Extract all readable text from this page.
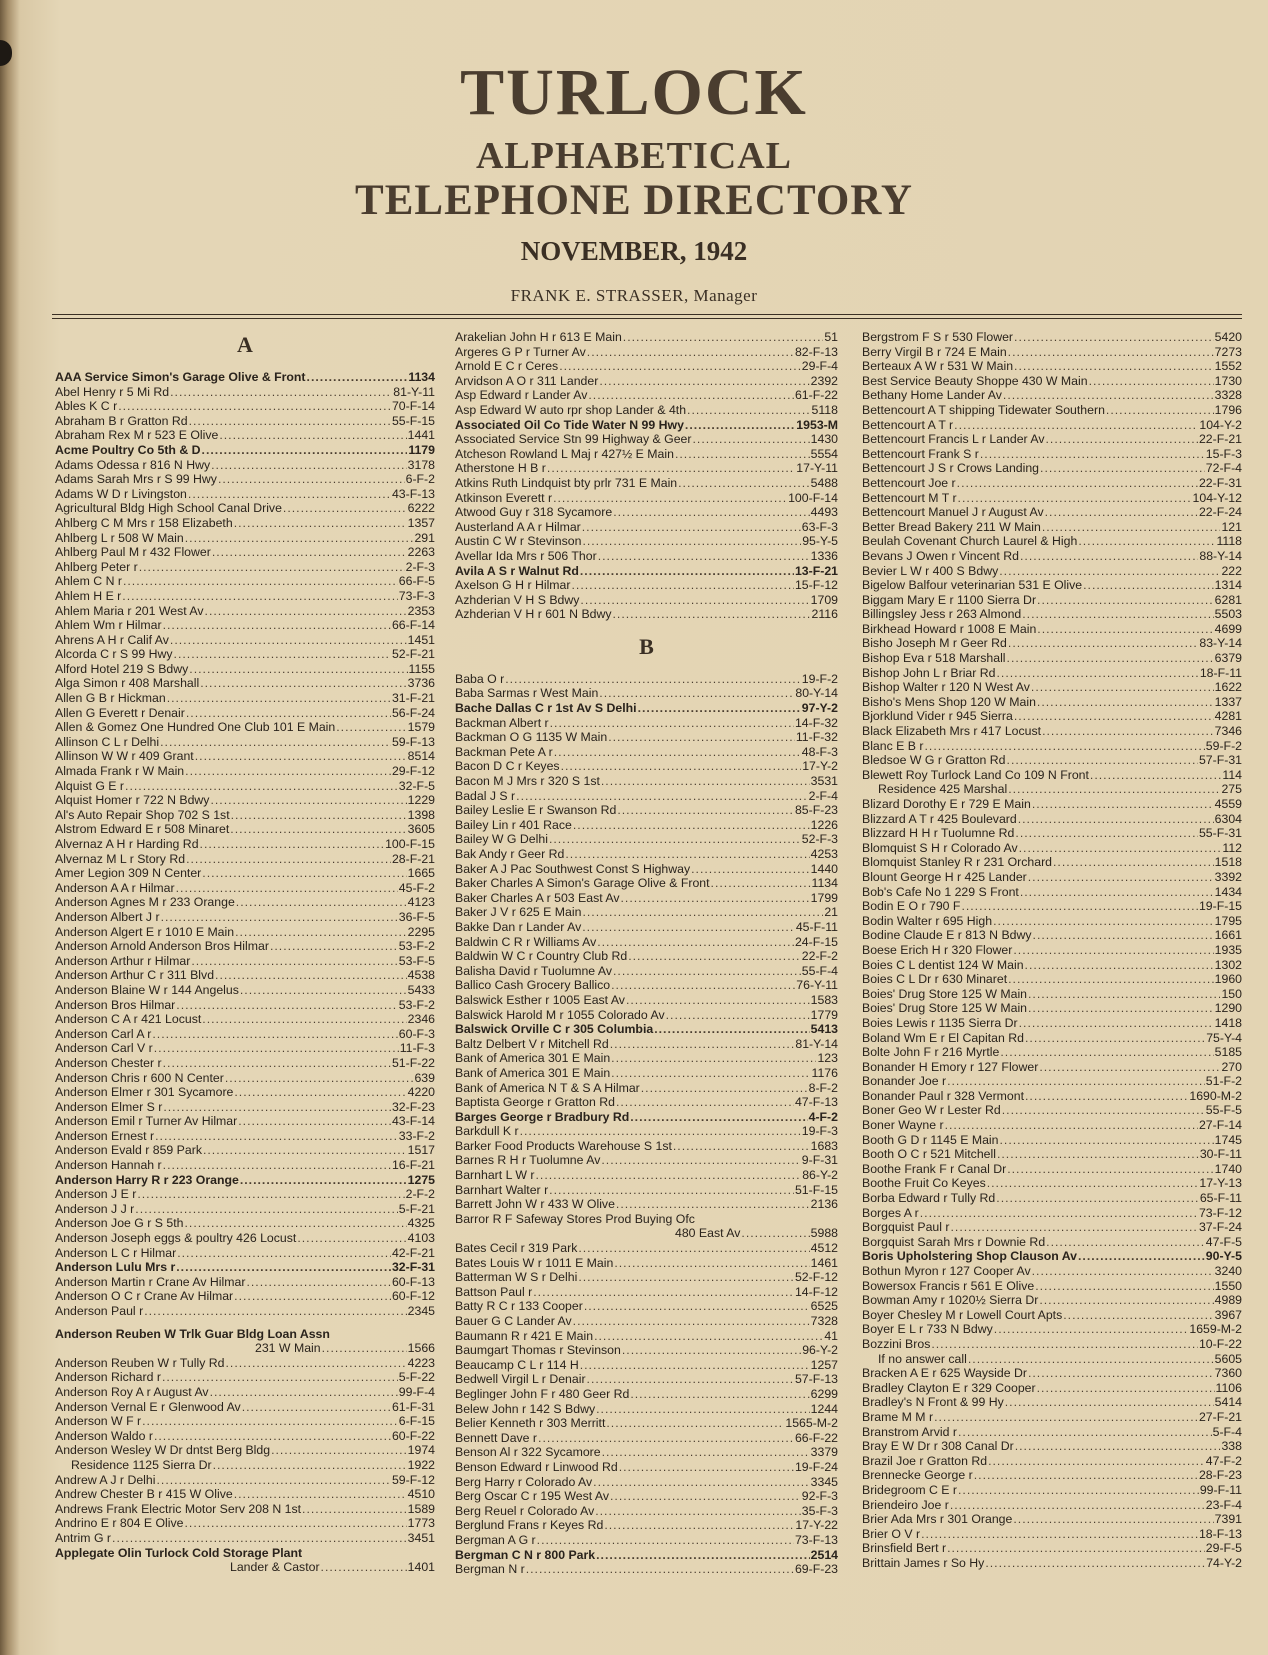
TURLOCK
ALPHABETICAL
TELEPHONE DIRECTORY
NOVEMBER, 1942
FRANK E. STRASSER, Manager
A
AAA Service Simon's Garage Olive & Front .....	1134
Abel Henry r 5 Mi Rd .....	81-Y-11
Ables K C r .....	70-F-14
Abraham B r Gratton Rd .....	55-F-15
Abraham Rex M r 523 E Olive .....	1441
Acme Poultry Co 5th & D .....	1179
Adams Odessa r 816 N Hwy .....	3178
Adams Sarah Mrs r S 99 Hwy .....	6-F-2
Adams W D r Livingston .....	43-F-13
Agricultural Bldg High School Canal Drive .....	6222
Ahlberg C M Mrs r 158 Elizabeth .....	1357
Ahlberg L r 508 W Main .....	291
Ahlberg Paul M r 432 Flower .....	2263
Ahlberg Peter r .....	2-F-3
Ahlem C N r .....	66-F-5
Ahlem H E r .....	73-F-3
Ahlem Maria r 201 West Av .....	2353
Ahlem Wm r Hilmar .....	66-F-14
Ahrens A H r Calif Av .....	1451
Alcorda C r S 99 Hwy .....	52-F-21
Alford Hotel 219 S Bdwy .....	1155
Alga Simon r 408 Marshall .....	3736
Allen G B r Hickman .....	31-F-21
Allen G Everett r Denair .....	56-F-24
Allen & Gomez One Hundred One Club 101 E Main .....	1579
Allinson C L r Delhi .....	59-F-13
Allinson W W r 409 Grant .....	8514
Almada Frank r W Main .....	29-F-12
Alquist G E r .....	32-F-5
Alquist Homer r 722 N Bdwy .....	1229
Al's Auto Repair Shop 702 S 1st .....	1398
Alstrom Edward E r 508 Minaret .....	3605
Alvernaz A H r Harding Rd .....	100-F-15
Alvernaz M L r Story Rd .....	28-F-21
Amer Legion 309 N Center .....	1665
Anderson A A r Hilmar .....	45-F-2
Anderson Agnes M r 233 Orange .....	4123
Anderson Albert J r .....	36-F-5
Anderson Algert E r 1010 E Main .....	2295
Anderson Arnold Anderson Bros Hilmar .....	53-F-2
Anderson Arthur r Hilmar .....	53-F-5
Anderson Arthur C r 311 Blvd .....	4538
Anderson Blaine W r 144 Angelus .....	5433
Anderson Bros Hilmar .....	53-F-2
Anderson C A r 421 Locust .....	2346
Anderson Carl A r .....	60-F-3
Anderson Carl V r .....	11-F-3
Anderson Chester r .....	51-F-22
Anderson Chris r 600 N Center .....	639
Anderson Elmer r 301 Sycamore .....	4220
Anderson Elmer S r .....	32-F-23
Anderson Emil r Turner Av Hilmar .....	43-F-14
Anderson Ernest r .....	33-F-2
Anderson Evald r 859 Park .....	1517
Anderson Hannah r .....	16-F-21
Anderson Harry R r 223 Orange .....	1275
Anderson J E r .....	2-F-2
Anderson J J r .....	5-F-21
Anderson Joe G r S 5th .....	4325
Anderson Joseph eggs & poultry 426 Locust .....	4103
Anderson L C r Hilmar .....	42-F-21
Anderson Lulu Mrs r .....	32-F-31
Anderson Martin r Crane Av Hilmar .....	60-F-13
Anderson O C r Crane Av Hilmar .....	60-F-12
Anderson Paul r .....	2345
Anderson Reuben W Trlk Guar Bldg Loan Assn
231 W Main .....	1566
Anderson Reuben W r Tully Rd .....	4223
Anderson Richard r .....	5-F-22
Anderson Roy A r August Av .....	99-F-4
Anderson Vernal E r Glenwood Av .....	61-F-31
Anderson W F r .....	6-F-15
Anderson Waldo r .....	60-F-22
Anderson Wesley W Dr dntst Berg Bldg .....	1974
Residence 1125 Sierra Dr .....	1922
Andrew A J r Delhi .....	59-F-12
Andrew Chester B r 415 W Olive .....	4510
Andrews Frank Electric Motor Serv 208 N 1st .....	1589
Andrino E r 804 E Olive .....	1773
Antrim G r .....	3451
Applegate Olin Turlock Cold Storage Plant
Lander & Castor .....	1401
Arakelian John H r 613 E Main .....	51
Argeres G P r Turner Av .....	82-F-13
Arnold E C r Ceres .....	29-F-4
Arvidson A O r 311 Lander .....	2392
Asp Edward r Lander Av .....	61-F-22
Asp Edward W auto rpr shop Lander & 4th .....	5118
Associated Oil Co Tide Water N 99 Hwy .....	1953-M
Associated Service Stn 99 Highway & Geer .....	1430
Atcheson Rowland L Maj r 427½ E Main .....	5554
Atherstone H B r .....	17-Y-11
Atkins Ruth Lindquist bty prlr 731 E Main .....	5488
Atkinson Everett r .....	100-F-14
Atwood Guy r 318 Sycamore .....	4493
Austerland A A r Hilmar .....	63-F-3
Austin C W r Stevinson .....	95-Y-5
Avellar Ida Mrs r 506 Thor .....	1336
Avila A S r Walnut Rd .....	13-F-21
Axelson G H r Hilmar .....	15-F-12
Azhderian V H S Bdwy .....	1709
Azhderian V H r 601 N Bdwy .....	2116
B
Baba O r .....	19-F-2
Baba Sarmas r West Main .....	80-Y-14
Bache Dallas C r 1st Av S Delhi .....	97-Y-2
Backman Albert r .....	14-F-32
Backman O G 1135 W Main .....	11-F-32
Backman Pete A r .....	48-F-3
Bacon D C r Keyes .....	17-Y-2
Bacon M J Mrs r 320 S 1st .....	3531
Badal J S r .....	2-F-4
Bailey Leslie E r Swanson Rd .....	85-F-23
Bailey Lin r 401 Race .....	1226
Bailey W G Delhi .....	52-F-3
Bak Andy r Geer Rd .....	4253
Baker A J Pac Southwest Const S Highway .....	1440
Baker Charles A Simon's Garage Olive & Front .....	1134
Baker Charles A r 503 East Av .....	1799
Baker J V r 625 E Main .....	21
Bakke Dan r Lander Av .....	45-F-11
Baldwin C R r Williams Av .....	24-F-15
Baldwin W C r Country Club Rd .....	22-F-2
Balisha David r Tuolumne Av .....	55-F-4
Ballico Cash Grocery Ballico .....	76-Y-11
Balswick Esther r 1005 East Av .....	1583
Balswick Harold M r 1055 Colorado Av .....	1779
Balswick Orville C r 305 Columbia .....	5413
Baltz Delbert V r Mitchell Rd .....	81-Y-14
Bank of America 301 E Main .....	123
Bank of America 301 E Main .....	1176
Bank of America N T & S A Hilmar .....	8-F-2
Baptista George r Gratton Rd .....	47-F-13
Barges George r Bradbury Rd .....	4-F-2
Barkdull K r .....	19-F-3
Barker Food Products Warehouse S 1st .....	1683
Barnes R H r Tuolumne Av .....	9-F-31
Barnhart L W r .....	86-Y-2
Barnhart Walter r .....	51-F-15
Barrett John W r 433 W Olive .....	2136
Barror R F Safeway Stores Prod Buying Ofc
480 East Av .....	5988
Bates Cecil r 319 Park .....	4512
Bates Louis W r 1011 E Main .....	1461
Batterman W S r Delhi .....	52-F-12
Battson Paul r .....	14-F-12
Batty R C r 133 Cooper .....	6525
Bauer G C Lander Av .....	7328
Baumann R r 421 E Main .....	41
Baumgart Thomas r Stevinson .....	96-Y-2
Beaucamp C L r 114 H .....	1257
Bedwell Virgil L r Denair .....	57-F-13
Beglinger John F r 480 Geer Rd .....	6299
Belew John r 142 S Bdwy .....	1244
Belier Kenneth r 303 Merritt .....	1565-M-2
Bennett Dave r .....	66-F-22
Benson Al r 322 Sycamore .....	3379
Benson Edward r Linwood Rd .....	19-F-24
Berg Harry r Colorado Av .....	3345
Berg Oscar C r 195 West Av .....	92-F-3
Berg Reuel r Colorado Av .....	35-F-3
Berglund Frans r Keyes Rd .....	17-Y-22
Bergman A G r .....	73-F-13
Bergman C N r 800 Park .....	2514
Bergman N r .....	69-F-23
Bergstrom F S r 530 Flower .....	5420
Berry Virgil B r 724 E Main .....	7273
Berteaux A W r 531 W Main .....	1552
Best Service Beauty Shoppe 430 W Main .....	1730
Bethany Home Lander Av .....	3328
Bettencourt A T shipping Tidewater Southern .....	1796
Bettencourt A T r .....	104-Y-2
Bettencourt Francis L r Lander Av .....	22-F-21
Bettencourt Frank S r .....	15-F-3
Bettencourt J S r Crows Landing .....	72-F-4
Bettencourt Joe r .....	22-F-31
Bettencourt M T r .....	104-Y-12
Bettencourt Manuel J r August Av .....	22-F-24
Better Bread Bakery 211 W Main .....	121
Beulah Covenant Church Laurel & High .....	1118
Bevans J Owen r Vincent Rd .....	88-Y-14
Bevier L W r 400 S Bdwy .....	222
Bigelow Balfour veterinarian 531 E Olive .....	1314
Biggam Mary E r 1100 Sierra Dr .....	6281
Billingsley Jess r 263 Almond .....	5503
Birkhead Howard r 1008 E Main .....	4699
Bisho Joseph M r Geer Rd .....	83-Y-14
Bishop Eva r 518 Marshall .....	6379
Bishop John L r Briar Rd .....	18-F-11
Bishop Walter r 120 N West Av .....	1622
Bisho's Mens Shop 120 W Main .....	1337
Bjorklund Vider r 945 Sierra .....	4281
Black Elizabeth Mrs r 417 Locust .....	7346
Blanc E B r .....	59-F-2
Bledsoe W G r Gratton Rd .....	57-F-31
Blewett Roy Turlock Land Co 109 N Front .....	114
Residence 425 Marshal .....	275
Blizard Dorothy E r 729 E Main .....	4559
Blizzard A T r 425 Boulevard .....	6304
Blizzard H H r Tuolumne Rd .....	55-F-31
Blomquist S H r Colorado Av .....	112
Blomquist Stanley R r 231 Orchard .....	1518
Blount George H r 425 Lander .....	3392
Bob's Cafe No 1 229 S Front .....	1434
Bodin E O r 790 F .....	19-F-15
Bodin Walter r 695 High .....	1795
Bodine Claude E r 813 N Bdwy .....	1661
Boese Erich H r 320 Flower .....	1935
Boies C L dentist 124 W Main .....	1302
Boies C L Dr r 630 Minaret .....	1960
Boies' Drug Store 125 W Main .....	150
Boies' Drug Store 125 W Main .....	1290
Boies Lewis r 1135 Sierra Dr .....	1418
Boland Wm E r El Capitan Rd .....	75-Y-4
Bolte John F r 216 Myrtle .....	5185
Bonander H Emory r 127 Flower .....	270
Bonander Joe r .....	51-F-2
Bonander Paul r 328 Vermont .....	1690-M-2
Boner Geo W r Lester Rd .....	55-F-5
Boner Wayne r .....	27-F-14
Booth G D r 1145 E Main .....	1745
Booth O C r 521 Mitchell .....	30-F-11
Boothe Frank F r Canal Dr .....	1740
Boothe Fruit Co Keyes .....	17-Y-13
Borba Edward r Tully Rd .....	65-F-11
Borges A r .....	73-F-12
Borgquist Paul r .....	37-F-24
Borgquist Sarah Mrs r Downie Rd .....	47-F-5
Boris Upholstering Shop Clauson Av .....	90-Y-5
Bothun Myron r 127 Cooper Av .....	3240
Bowersox Francis r 561 E Olive .....	1550
Bowman Amy r 1020½ Sierra Dr .....	4989
Boyer Chesley M r Lowell Court Apts .....	3967
Boyer E L r 733 N Bdwy .....	1659-M-2
Bozzini Bros .....	10-F-22
If no answer call .....	5605
Bracken A E r 625 Wayside Dr .....	7360
Bradley Clayton E r 329 Cooper .....	1106
Bradley's N Front & 99 Hy .....	5414
Brame M M r .....	27-F-21
Branstrom Arvid r .....	5-F-4
Bray E W Dr r 308 Canal Dr .....	338
Brazil Joe r Gratton Rd .....	47-F-2
Brennecke George r .....	28-F-23
Bridegroom C E r .....	99-F-11
Briendeiro Joe r .....	23-F-4
Brier Ada Mrs r 301 Orange .....	7391
Brier O V r .....	18-F-13
Brinsfield Bert r .....	29-F-5
Brittain James r So Hy .....	74-Y-2
